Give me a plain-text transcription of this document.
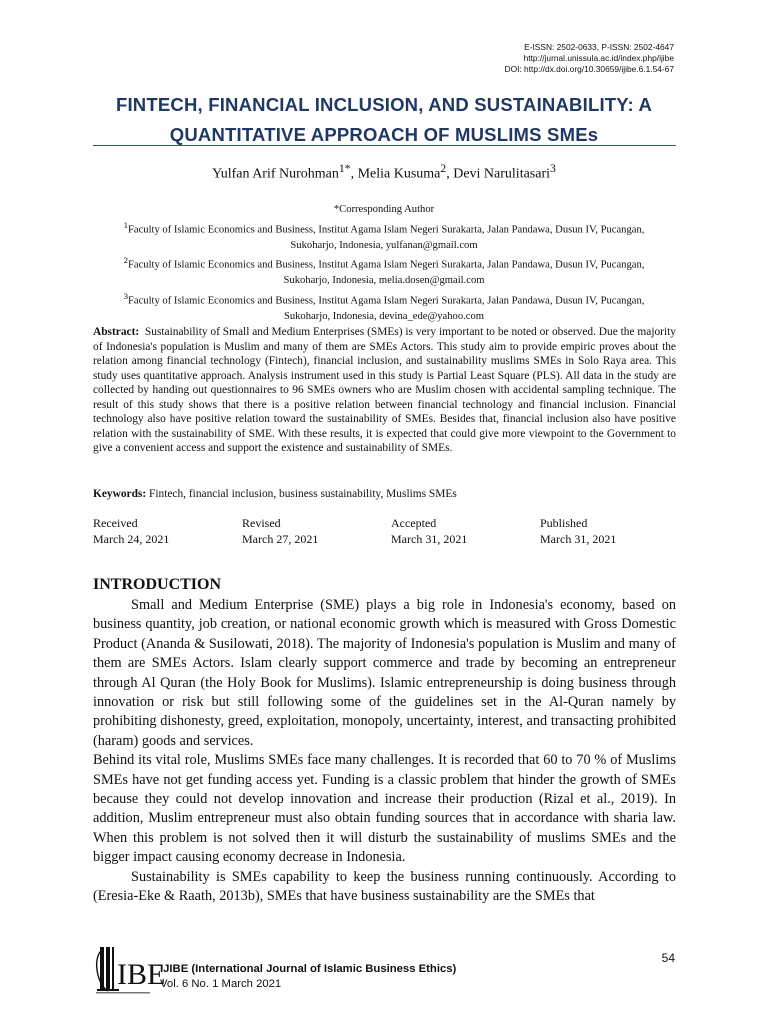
E-ISSN: 2502-0633, P-ISSN: 2502-4647
http://jurnal.unissula.ac.id/index.php/ijibe
DOI: http://dx.doi.org/10.30659/ijibe.6.1.54-67
FINTECH, FINANCIAL INCLUSION, AND SUSTAINABILITY: A
QUANTITATIVE APPROACH OF MUSLIMS SMEs
Yulfan Arif Nurohman$^{1*}$, Melia Kusuma$^2$, Devi Narulitasari$^3$
*Corresponding Author
$^1$Faculty of Islamic Economics and Business, Institut Agama Islam Negeri Surakarta, Jalan Pandawa, Dusun IV, Pucangan,
Sukoharjo, Indonesia, yulfanan@gmail.com
$^2$Faculty of Islamic Economics and Business, Institut Agama Islam Negeri Surakarta, Jalan Pandawa, Dusun IV, Pucangan,
Sukoharjo, Indonesia, melia.dosen@gmail.com
$^3$Faculty of Islamic Economics and Business, Institut Agama Islam Negeri Surakarta, Jalan Pandawa, Dusun IV, Pucangan,
Sukoharjo, Indonesia, devina_ede@yahoo.com
Abstract: Sustainability of Small and Medium Enterprises (SMEs) is very important to be noted or observed. Due the majority of Indonesia's population is Muslim and many of them are SMEs Actors. This study aim to provide empiric proves about the relation among financial technology (Fintech), financial inclusion, and sustainability muslims SMEs in Solo Raya area. This study uses quantitative approach. Analysis instrument used in this study is Partial Least Square (PLS). All data in the study are collected by handing out questionnaires to 96 SMEs owners who are Muslim chosen with accidental sampling technique. The result of this study shows that there is a positive relation between financial technology and financial inclusion. Financial technology also have positive relation toward the sustainability of SMEs. Besides that, financial inclusion also have positive relation with the sustainability of SME. With these results, it is expected that could give more viewpoint to the Government to give a convenient access and support the existence and sustainability of SMEs.
Keywords: Fintech, financial inclusion, business sustainability, Muslims SMEs
Received
March 24, 2021
Revised
March 27, 2021
Accepted
March 31, 2021
Published
March 31, 2021
INTRODUCTION

Small and Medium Enterprise (SME) plays a big role in Indonesia's economy, based on business quantity, job creation, or national economic growth which is measured with Gross Domestic Product (Ananda & Susilowati, 2018). The majority of Indonesia's population is Muslim and many of them are SMEs Actors. Islam clearly support commerce and trade by becoming an entrepreneur through Al Quran (the Holy Book for Muslims). Islamic entrepreneurship is doing business through innovation or risk but still following some of the guidelines set in the Al-Quran namely by prohibiting dishonesty, greed, exploitation, monopoly, uncertainty, interest, and transacting prohibited (haram) goods and services.

Behind its vital role, Muslims SMEs face many challenges. It is recorded that 60 to 70 % of Muslims SMEs have not get funding access yet. Funding is a classic problem that hinder the growth of SMEs because they could not develop innovation and increase their production (Rizal et al., 2019). In addition, Muslim entrepreneur must also obtain funding sources that in accordance with sharia law. When this problem is not solved then it will disturb the sustainability of muslims SMEs and the bigger impact causing economy decrease in Indonesia.

Sustainability is SMEs capability to keep the business running continuously. According to (Eresia-Eke & Raath, 2013b), SMEs that have business sustainability are the SMEs that

54
IBE
IJIBE (International Journal of Islamic Business Ethics)
Vol. 6 No. 1 March 2021
